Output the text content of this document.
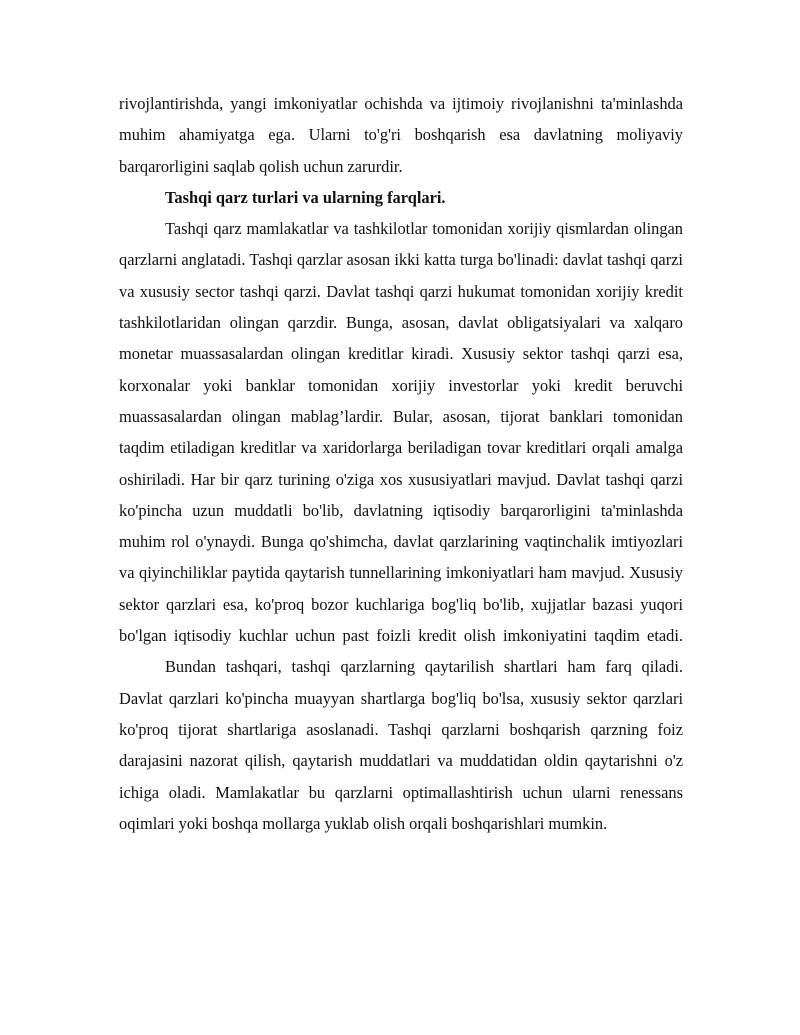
rivojlantirishda, yangi imkoniyatlar ochishda va ijtimoiy rivojlanishni ta'minlashda muhim ahamiyatga ega. Ularni to'g'ri boshqarish esa davlatning moliyaviy barqarorligini saqlab qolish uchun zarurdir.

Tashqi qarz turlari va ularning farqlari.

Tashqi qarz mamlakatlar va tashkilotlar tomonidan xorijiy qismlardan olingan qarzlarni anglatadi. Tashqi qarzlar asosan ikki katta turga bo'linadi: davlat tashqi qarzi va xususiy sector tashqi qarzi. Davlat tashqi qarzi hukumat tomonidan xorijiy kredit tashkilotlaridan olingan qarzdir. Bunga, asosan, davlat obligatsiyalari va xalqaro monetar muassasalardan olingan kreditlar kiradi. Xususiy sektor tashqi qarzi esa, korxonalar yoki banklar tomonidan xorijiy investorlar yoki kredit beruvchi muassasalardan olingan mablag’lardir. Bular, asosan, tijorat banklari tomonidan taqdim etiladigan kreditlar va xaridorlarga beriladigan tovar kreditlari orqali amalga oshiriladi. Har bir qarz turining o'ziga xos xususiyatlari mavjud. Davlat tashqi qarzi ko'pincha uzun muddatli bo'lib, davlatning iqtisodiy barqarorligini ta'minlashda muhim rol o'ynaydi. Bunga qo'shimcha, davlat qarzlarining vaqtinchalik imtiyozlari va qiyinchiliklar paytida qaytarish tunnellarining imkoniyatlari ham mavjud. Xususiy sektor qarzlari esa, ko'proq bozor kuchlariga bog'liq bo'lib, xujjatlar bazasi yuqori bo'lgan iqtisodiy kuchlar uchun past foizli kredit olish imkoniyatini taqdim etadi.

Bundan tashqari, tashqi qarzlarning qaytarilish shartlari ham farq qiladi. Davlat qarzlari ko'pincha muayyan shartlarga bog'liq bo'lsa, xususiy sektor qarzlari ko'proq tijorat shartlariga asoslanadi. Tashqi qarzlarni boshqarish qarzning foiz darajasini nazorat qilish, qaytarish muddatlari va muddatidan oldin qaytarishni o'z ichiga oladi. Mamlakatlar bu qarzlarni optimallashtirish uchun ularni renessans oqimlari yoki boshqa mollarga yuklab olish orqali boshqarishlari mumkin.
